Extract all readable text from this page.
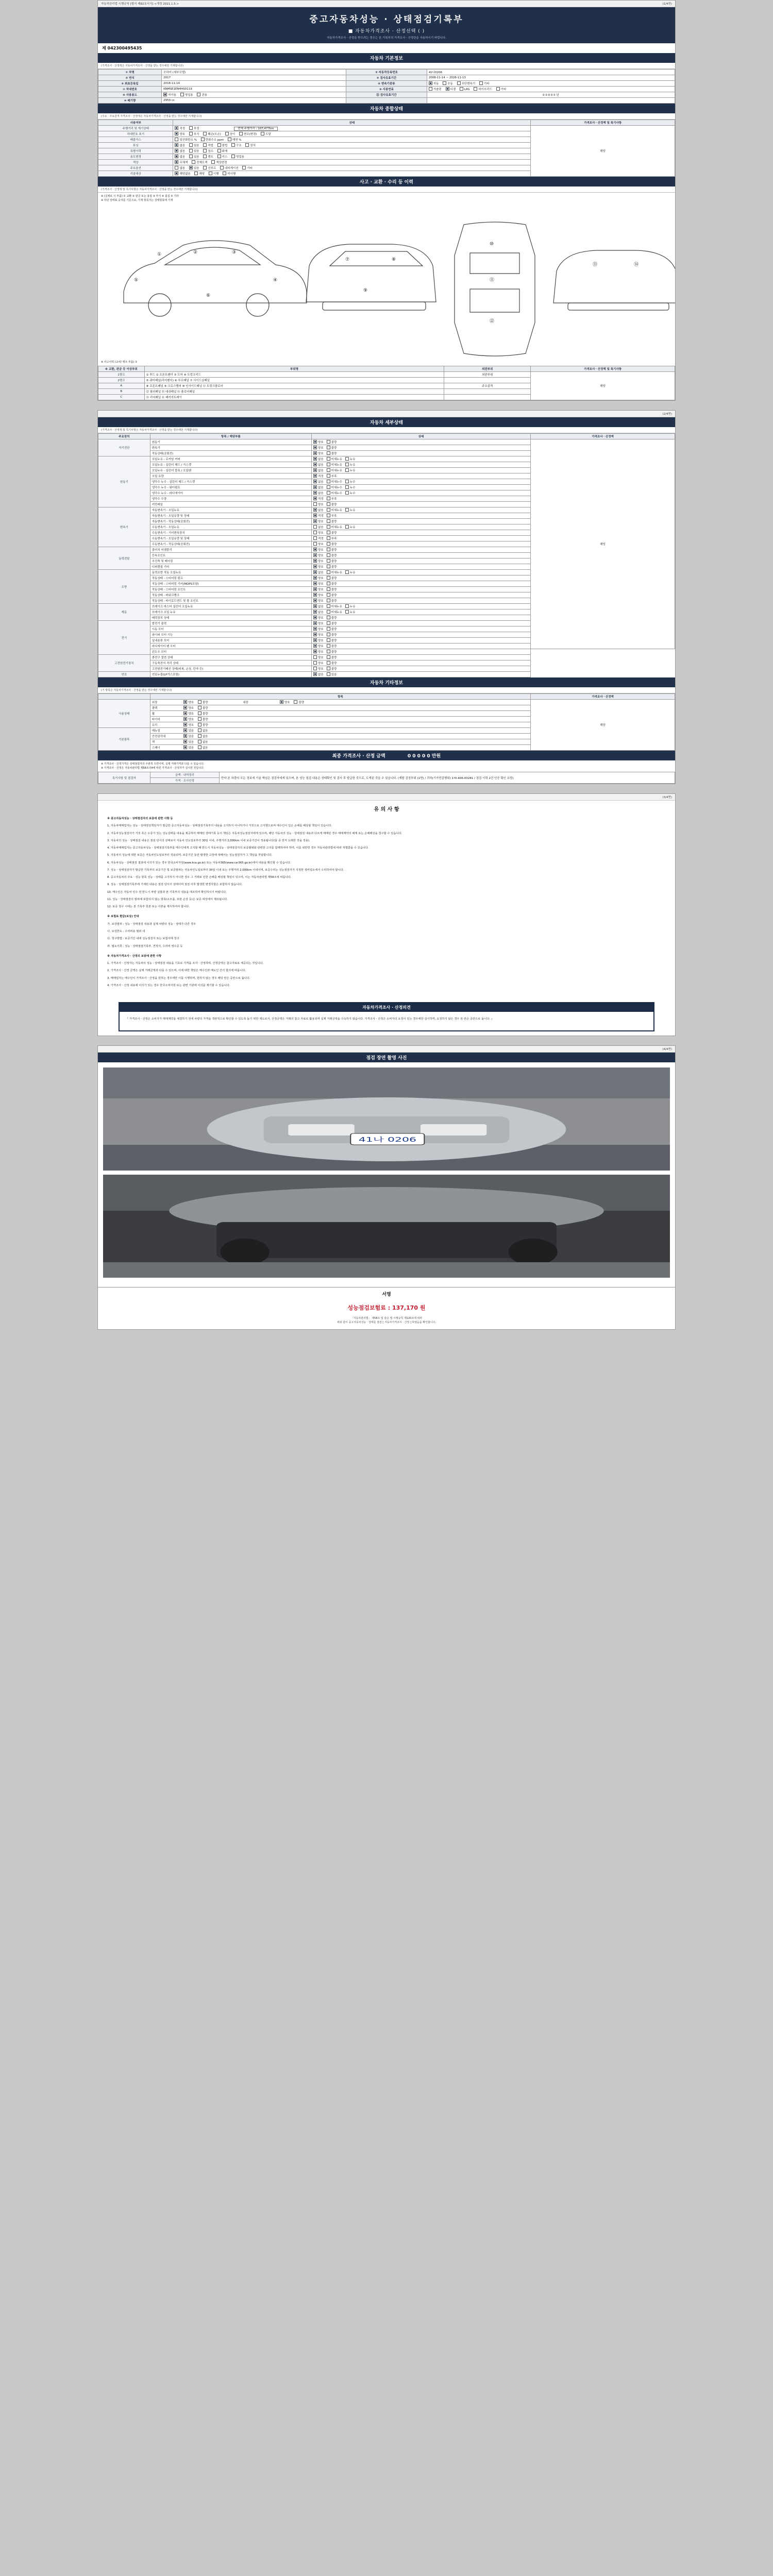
자동차관리법 시행규칙 [별지 제82호서식] <개정 2021.1.5.>	(1/4면)
중고자동차성능 · 상태점검기록부
■ 자동차가격조사 · 산정선택 ( )
자동차가격조사ㆍ산정을 받으려는 경우는 본 기록부의 가격조사ㆍ산정란을 사용하시기 바랍니다.
제 042300495435
자동차 기본정보
(가격조사ㆍ산정액은 자동차가격조사ㆍ산정을 받는 경우에만 기재합니다)
① 차명	모하비 (세부모델)	② 자동차등록번호	41나0206
③ 연식	2017	④ 검사유효기간	2008-11-14 ~ 2026-11-13
⑤ 최초등록일	2016-11-14	⑥ 변속기종류	자동 수동 무단변속기 기타
⑦ 차대번호	KNMSE1EN4HS0119	⑧ 사용연료	가솔린 디젤 LPG 하이브리드 기타
⑨ 사용용도	자가용 영업용 관용	⑪ 검사유효기간	0 0 0 0 0 년
⑩ 배기량	2959 cc		
자동차 종합상태
(주요ㆍ주요골격 가격조사ㆍ산정액은 자동차가격조사ㆍ산정을 받는 경우에만 기재합니다)
사용여부	상태	가격조사ㆍ산정액 및 특기사항
주행거리 및 계기상태	적정 부정 현재 주행거리 : 107,477km	해당
차대번호 표기	양호 부식 훼손(오손) 상이 변조(변경) 도말	
배출가스	일산화탄소 % 탄화수소 ppm 매연 %	
튜닝	없음 있음 적법 불법 구조 장치	
특별이력	없음 있음 침수 화재	
용도변경	없음 있음 렌트 리스 영업용	
색상	무채색 전체도색 색상변경	
주요옵션	없음 있음 선루프 내비게이션 기타	
리콜대상	해당없음 해당 이행 미이행	
사고 · 교환 · 수리 등 이력
(가격조사ㆍ산정액 및 특기사항은 자동차가격조사ㆍ산정을 받는 경우에만 기재합니다)
※ (실제로 시 부품) ① 교환 ② 판금 또는 용접 ③ 부식 ④ 흠집 ⑤ 기타
※ 하단 상태표 숫자를 기준으로, 기재 항목지는 상태항목에 기재
①	②	③
④
⑤
⑥
⑦	⑧
⑨
⑩
⑪
⑫
⑬	⑭
※ 사고이력 (교차/ 랭크 부품) ①
※ 교환, 판금 등 이상부위	부위명	외판부위	가격조사ㆍ산정액 및 특기사항
1랭크	① 후드 ② 프론트펜더 ③ 도어 ④ 트렁크리드	외판부위	해당
2랭크	⑤ 쿼터패널(리어펜더) ⑥ 루프패널 ⑦ 사이드실패널		
A	⑧ 프론트패널 ⑨ 크로스멤버 ⑩ 인사이드패널 ⑪ 트렁크플로어	주요골격	
B	⑫ 필러패널 ⑬ 대쉬패널 ⑭ 플로어패널		
C	⑮ 리어패널 ⑯ 패키지트레이		
(2/4면)
자동차 세부상태
(가격조사ㆍ산정액 및 특기사항은 자동차가격조사ㆍ산정을 받는 경우에만 기재합니다)
주요장치	항목 / 해당부품	상태	가격조사ㆍ산정액
자기진단	원동기	양호 불량	해당
	변속기	양호 불량	
	작동상태(공회전)	양호 불량	
원동기	오일누유 - 로커암 커버	없음 미세누유 누유	
	오일누유 - 실린더 헤드 / 가스켓	없음 미세누유 누유	
	오일누유 - 실린더 블록 / 오일팬	없음 미세누유 누유	
	오일 유량	적정 부족	
	냉각수 누수 - 실린더 헤드 / 가스켓	없음 미세누수 누수	
	냉각수 누수 - 워터펌프	없음 미세누수 누수	
	냉각수 누수 - 라디에이터	없음 미세누수 누수	
	냉각수 수량	적정 부족	
	커먼레일	양호 불량	
변속기	자동변속기 - 오일누유	없음 미세누유 누유	
	자동변속기 - 오일유량 및 상태	적정 부족	
	자동변속기 - 작동상태(공회전)	양호 불량	
	수동변속기 - 오일누유	없음 미세누유 누유	
	수동변속기 - 기어변속장치	양호 불량	
	수동변속기 - 오일유량 및 상태	적정 부족	
	수동변속기 - 작동상태(공회전)	양호 불량	
동력전달	클러치 어셈블리	양호 불량	
	등속조인트	양호 불량	
	추진축 및 베어링	양호 불량	
	디퍼렌셜 기어	양호 불량	
조향	동력조향 작동 오일누유	없음 미세누유 누유	
	작동상태 - 스티어링 펌프	양호 불량	
	작동상태 - 스티어링 기어(MDPS포함)	양호 불량	
	작동상태 - 스티어링 조인트	양호 불량	
	작동상태 - 파워크랭크	양호 불량	
	작동상태 - 타이로드엔드 및 볼 조인트	양호 불량	
제동	브레이크 마스터 실린더 오일누유	없음 미세누유 누유	
	브레이크 오일 누유	없음 미세누유 누유	
	배력장치 상태	양호 불량	
전기	발전기 출력	양호 불량	
	시동 모터	양호 불량	
	와이퍼 모터 기능	양호 불량	
	실내송풍 모터	양호 불량	
	라디에이터 팬 모터	양호 불량	
	윈도우 모터	양호 불량	
고전원전기장치	충전구 절연 상태	양호 불량	
	구동축전지 격리 상태	양호 불량	
	고전원전기배선 상태(피복, 손상, 단자 등)	양호 불량	
연료	연료누출(LP가스포함)	없음 있음	
자동차 기타정보
(기 항목은 자동차가격조사ㆍ산정을 받는 경우에만 기재합니다)
	항목	가격조사ㆍ산정액
사용상태	외장 양호 불량 내장 양호 불량	해당
	광택 양호 불량	
	휠 양호 불량	
	타이어 양호 불량	
	유리 양호 불량	
기본품목	매뉴얼 있음 없음	
	안전삼각대 있음 없음	
	잭 있음 없음	
	스패너 있음 없음	
최종 가격조사 · 산정 금액	0 0 0 0 0 만원
※ 가격조사ㆍ산정가격은 상태점검자의 주관적 의견이며, 실제 거래가격과 다를 수 있습니다.
※ 가격조사ㆍ산정은 자동차관리법 제58조의4에 따른 가격조사ㆍ산정자가 실시한 것입니다.
특기사항 및 점검자	금액 · 내역정리	만약 본 차량의 모든 정보에 기술 책임은 점검자에게 있으며, 본 성능 점검 내용은 상태확인 및 검사 후 발급한 것으로, 도색된 것을 수 있습니다. (계발 검정부위 (1면) / 귀하(기가민감행위) 1?0-406-00281 / 점검 이력 2건 인증 확인 요망)
가격 · 조사산정
(3/4면)
유 의 사 항

※ 중고자동차성능 · 상태점검자의 보증에 관한 사항 등

1. 자동차매매업자는 성능ㆍ상태점검책임자가 발급한 중고자동차성능ㆍ상태점검기록부의 내용을 고지하지 아니하거나 거짓으로 고지했으로써 매수인이 입은 손해를 배상할 책임이 있습니다.

2. 자동차성능점검자가 거짓 혹은 오류가 있는 성능상태를 내용을 제공하여 매매된 상태기록 등의 책임은 자동차성능점검자에게 있으며, 해당 자동차의 성능ㆍ상태점검 내용과 다르게 매매된 경우 매매계약의 해제 또는 손해배상을 청구할 수 있습니다.

3. 자동차의 성능ㆍ상태점검 내용은 점검 당시의 상태로서 자동차 인도일로부터 30일 이내, 주행거리 2,000km 이내 보증기간이 적용됩니다(둘 중 먼저 도래한 것을 적용).

4. 자동차매매업자는 중고자동차성능ㆍ상태점검기록부를 매수인에게 고지할 때 반드시 자동차성능ㆍ상태점검자의 보증범위와 관련한 고지를 함께하여야 하며, 이를 위반한 경우 자동차관리법에 따라 처벌받을 수 있습니다.

5. 자동차의 성능에 대한 보증은 자동차인도일로부터 적용되며, 보증기간 동안 발생한 고장에 대해서는 성능점검자가 그 책임을 부담합니다.

6. 자동차성능ㆍ상태점검 결과에 이의가 있는 경우 한국소비자원(www.kca.go.kr) 또는 자동차365(www.car365.go.kr)에서 내용을 확인할 수 있습니다.

7. 성능ㆍ상태점검자가 발급한 기록부의 보증기간 및 보증범위는 자동차인도일로부터 30일 이내 또는 주행거리 2,000km 이내이며, 보증수리는 성능점검자가 지정한 정비업소에서 수리하여야 합니다.

8. 중고자동차의 주요ㆍ성능 항목 성능ㆍ상태를 고지하지 아니한 경우 그 거래로 인한 손해를 배상할 책임이 있으며, 이는 자동차관리법 제58조에 따릅니다.

9. 성능ㆍ상태점검기록부에 기재된 내용은 점검 당시의 상태이며 점검 이후 발생한 변경사항은 포함하지 않습니다.

10. 매수인은 자동차 인수 전 반드시 차량 실물과 본 기록부의 내용을 대조하여 확인하시기 바랍니다.

11. 성능ㆍ상태점검의 범위에 포함되지 않는 항목(소모품, 외관 손상 등)은 보증 대상에서 제외됩니다.

12. 보증 청구 시에는 본 기록부 원본 또는 사본을 제시하여야 합니다.

※ 보험료 환급(보상) 안내

가. 보상범위 : 성능ㆍ상태점검 내용과 실제 차량의 성능ㆍ상태가 다른 경우

나. 보상한도 : 수리비용 범위 내

다. 청구방법 : 보증기간 내에 성능점검자 또는 보험사에 청구

라. 필요서류 : 성능ㆍ상태점검기록부, 견적서, 수리비 영수증 등

※ 자동차가격조사 · 산정의 보증에 관한 사항

1. 가격조사ㆍ산정자는 자동차의 성능ㆍ상태점검 내용을 기초로 가격을 조사ㆍ산정하며, 산정금액은 참고자료로 제공되는 것입니다.

2. 가격조사ㆍ산정 금액은 실제 거래금액과 다를 수 있으며, 이에 대한 책임은 매수인과 매도인 간의 합의에 따릅니다.

3. 매매업자는 매수인이 가격조사ㆍ산정을 원하는 경우에만 이를 시행하며, 원하지 않는 경우 해당 란은 공란으로 둡니다.

4. 가격조사ㆍ산정 내용에 이의가 있는 경우 한국소비자원 또는 관련 기관에 이의를 제기할 수 있습니다.

자동차가격조사 · 산정의견
『 가격조사ㆍ산정은 소비자가 매매계약을 체결하기 전에 차량의 가격을 객관적으로 확인할 수 있도록 돕기 위한 제도로서, 산정금액은 거래의 참고 자료로 활용되며 실제 거래금액을 구속하지 않습니다. 가격조사ㆍ산정은 소비자의 요청이 있는 경우에만 실시하며, 요청하지 않은 경우 본 란은 공란으로 둡니다. 』
(4/4면)
점검 장면 촬영 사진
41나 0206
서명
성능점검보험료 : 137,170 원
「자동차관리법」 제58조 및 같은 법 시행규칙 제120조에 따라
위와 같이 중고자동차성능ㆍ상태를 점검 [ 자동차가격조사ㆍ산정 ] 하였음을 확인합니다.
